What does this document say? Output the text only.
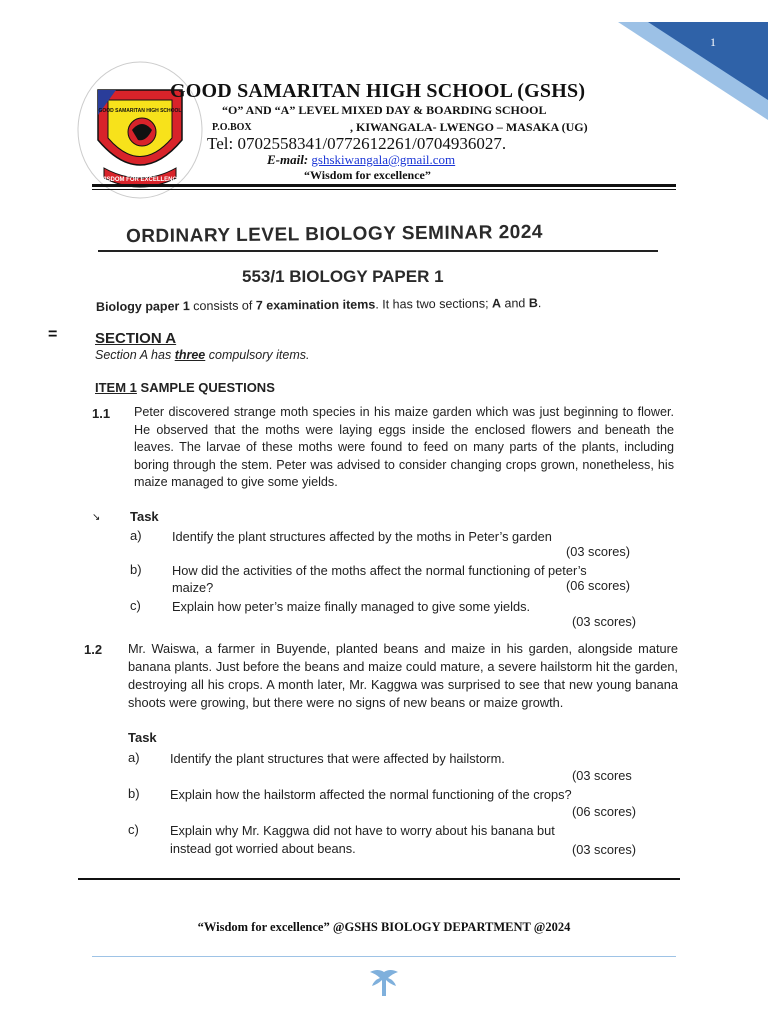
1
WISDOM FOR EXCELLENCE
GOOD SAMARITAN HIGH SCHOOL
GOOD SAMARITAN HIGH SCHOOL (GSHS)
“O” AND “A” LEVEL MIXED DAY & BOARDING SCHOOL
P.O.BOX	, KIWANGALA- LWENGO – MASAKA (UG)
Tel: 0702558341/0772612261/0704936027.
E-mail: gshskiwangala@gmail.com
“Wisdom for excellence”
=
↘
ORDINARY LEVEL BIOLOGY SEMINAR 2024
553/1 BIOLOGY PAPER 1
Biology paper 1 consists of 7 examination items. It has two sections; A and B.
SECTION A
Section A has three compulsory items.
ITEM 1 SAMPLE QUESTIONS
1.1 Peter discovered strange moth species in his maize garden which was just beginning to flower. He observed that the moths were laying eggs inside the enclosed flowers and beneath the leaves. The larvae of these moths were found to feed on many parts of the plants, including boring through the stem. Peter was advised to consider changing crops grown, nonetheless, his maize managed to give some yields.
Task
a) Identify the plant structures affected by the moths in Peter’s garden
(03 scores)
b) How did the activities of the moths affect the normal functioning of peter’s maize?	(06 scores)
c) Explain how peter’s maize finally managed to give some yields.
(03 scores)
1.2 Mr. Waiswa, a farmer in Buyende, planted beans and maize in his garden, alongside mature banana plants. Just before the beans and maize could mature, a severe hailstorm hit the garden, destroying all his crops. A month later, Mr. Kaggwa was surprised to see that new young banana shoots were growing, but there were no signs of new beans or maize growth.
Task
a) Identify the plant structures that were affected by hailstorm.
(03 scores
b) Explain how the hailstorm affected the normal functioning of the crops?
(06 scores)
c) Explain why Mr. Kaggwa did not have to worry about his banana but instead got worried about beans.	(03 scores)
“Wisdom for excellence” @GSHS BIOLOGY DEPARTMENT @2024
